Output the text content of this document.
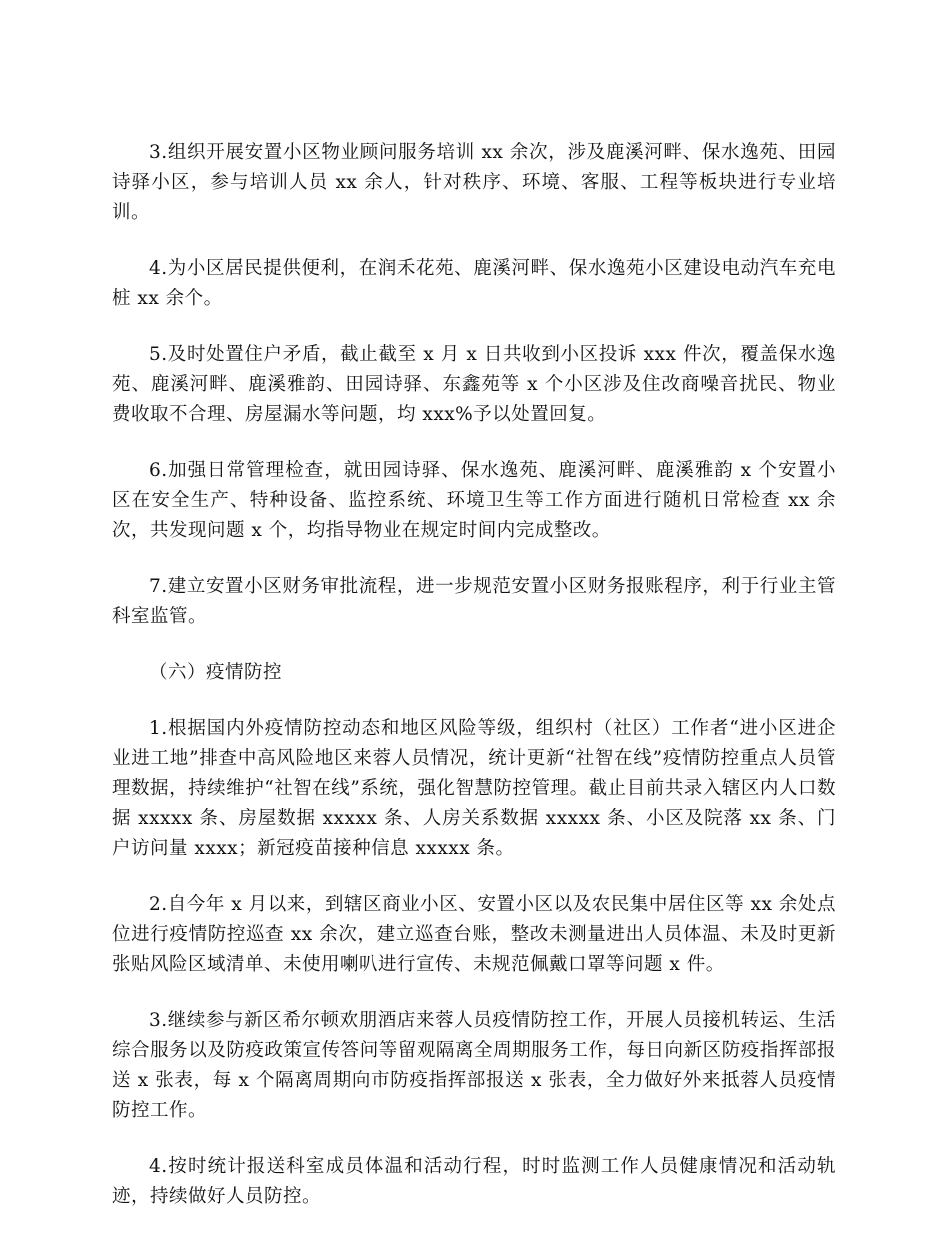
3.组织开展安置小区物业顾问服务培训 xx 余次，涉及鹿溪河畔、保水逸苑、田园诗驿小区，参与培训人员 xx 余人，针对秩序、环境、客服、工程等板块进行专业培训。

4.为小区居民提供便利，在润禾花苑、鹿溪河畔、保水逸苑小区建设电动汽车充电桩 xx 余个。

5.及时处置住户矛盾，截止截至 x 月 x 日共收到小区投诉 xxx 件次，覆盖保水逸苑、鹿溪河畔、鹿溪雅韵、田园诗驿、东鑫苑等 x 个小区涉及住改商噪音扰民、物业费收取不合理、房屋漏水等问题，均 xxx%予以处置回复。

6.加强日常管理检查，就田园诗驿、保水逸苑、鹿溪河畔、鹿溪雅韵 x 个安置小区在安全生产、特种设备、监控系统、环境卫生等工作方面进行随机日常检查 xx 余次，共发现问题 x 个，均指导物业在规定时间内完成整改。

7.建立安置小区财务审批流程，进一步规范安置小区财务报账程序，利于行业主管科室监管。

（六）疫情防控

1.根据国内外疫情防控动态和地区风险等级，组织村（社区）工作者“进小区进企业进工地”排查中高风险地区来蓉人员情况，统计更新“社智在线”疫情防控重点人员管理数据，持续维护“社智在线”系统，强化智慧防控管理。截止目前共录入辖区内人口数据 xxxxx 条、房屋数据 xxxxx 条、人房关系数据 xxxxx 条、小区及院落 xx 条、门户访问量 xxxx；新冠疫苗接种信息 xxxxx 条。

2.自今年 x 月以来，到辖区商业小区、安置小区以及农民集中居住区等 xx 余处点位进行疫情防控巡查 xx 余次，建立巡查台账，整改未测量进出人员体温、未及时更新张贴风险区域清单、未使用喇叭进行宣传、未规范佩戴口罩等问题 x 件。

3.继续参与新区希尔顿欢朋酒店来蓉人员疫情防控工作，开展人员接机转运、生活综合服务以及防疫政策宣传答问等留观隔离全周期服务工作，每日向新区防疫指挥部报送 x 张表，每 x 个隔离周期向市防疫指挥部报送 x 张表，全力做好外来抵蓉人员疫情防控工作。

4.按时统计报送科室成员体温和活动行程，时时监测工作人员健康情况和活动轨迹，持续做好人员防控。
